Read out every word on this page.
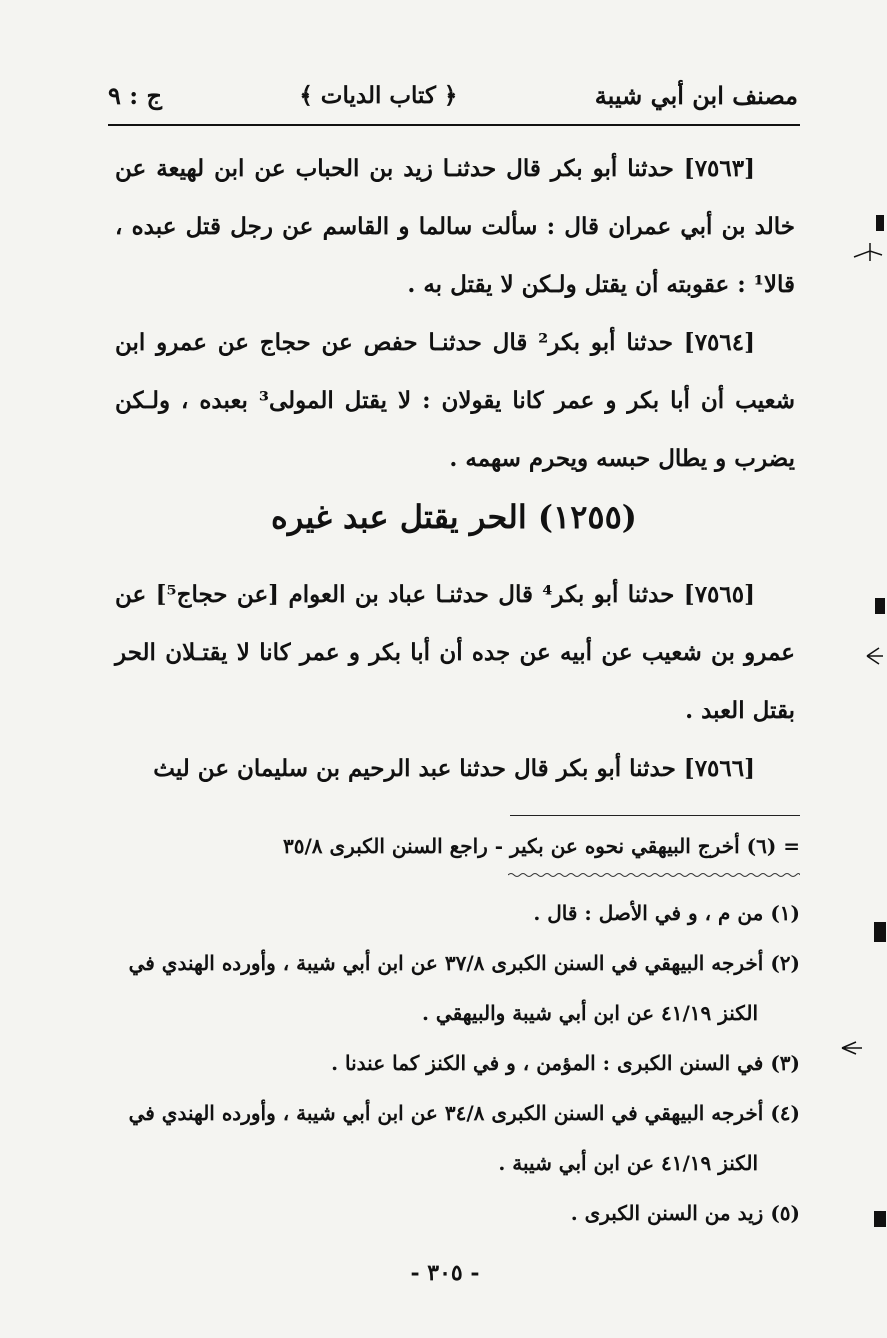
مصنف ابن أبي شيبة
﴿ كتاب الديات ﴾
ج : ٩

[٧٥٦٣] حدثنا أبو بكر قال حدثنـا زيد بن الحباب عن ابن لهيعة عن خالد بن أبي عمران قال : سألت سالما و القاسم عن رجل قتل عبده ، قالا¹ : عقوبته أن يقتل ولـكن لا يقتل به .

[٧٥٦٤] حدثنا أبو بكر² قال حدثنـا حفص عن حجاج عن عمرو ابن شعيب أن أبا بكر و عمر كانا يقولان : لا يقتل المولى³ بعبده ، ولـكن يضرب و يطال حبسه ويحرم سهمه .

(١٢٥٥) الحر يقتل عبد غيره

[٧٥٦٥] حدثنا أبو بكر⁴ قال حدثنـا عباد بن العوام [عن حجاج⁵] عن عمرو بن شعيب عن أبيه عن جده أن أبا بكر و عمر كانا لا يقتـلان الحر بقتل العبد .

[٧٥٦٦] حدثنا أبو بكر قال حدثنا عبد الرحيم بن سليمان عن ليث

= (٦) أخرج البيهقي نحوه عن بكير - راجع السنن الكبرى ٣٥/٨
(١) من م ، و في الأصل : قال .
(٢) أخرجه البيهقي في السنن الكبرى ٣٧/٨ عن ابن أبي شيبة ، وأورده الهندي في
الكنز ٤١/١٩ عن ابن أبي شيبة والبيهقي .
(٣) في السنن الكبرى : المؤمن ، و في الكنز كما عندنا .
(٤) أخرجه البيهقي في السنن الكبرى ٣٤/٨ عن ابن أبي شيبة ، وأورده الهندي في
الكنز ٤١/١٩ عن ابن أبي شيبة .
(٥) زيد من السنن الكبرى .
- ٣٠٥ -
